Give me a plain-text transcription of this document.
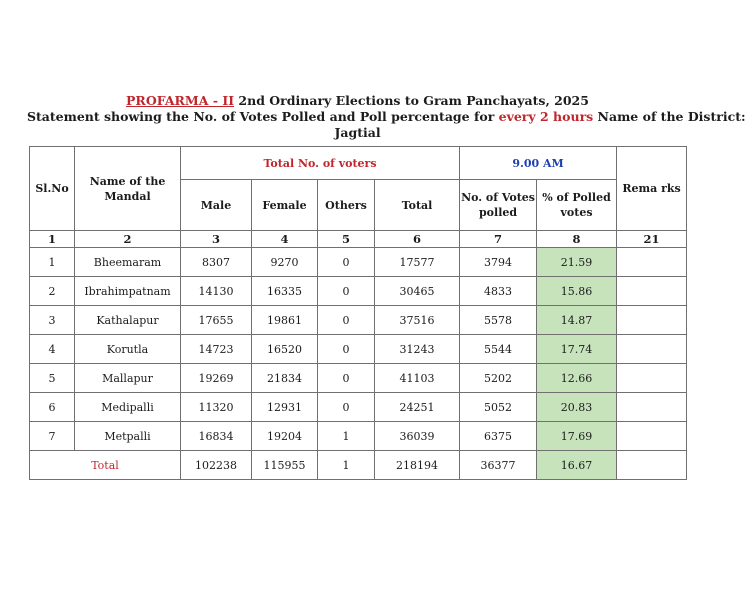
PROFARMA - II 2nd Ordinary Elections to Gram Panchayats, 2025
Statement showing the No. of Votes Polled and Poll percentage for every 2 hours Name of the District:
Jagtial
Sl.No	Name of the Mandal	Total No. of voters				9.00 AM		Rema rks
		Male	Female	Others	Total	No. of Votes polled	% of Polled votes	
1	2	3	4	5	6	7	8	21
1	Bheemaram	8307	9270	0	17577	3794	21.59	
2	Ibrahimpatnam	14130	16335	0	30465	4833	15.86	
3	Kathalapur	17655	19861	0	37516	5578	14.87	
4	Korutla	14723	16520	0	31243	5544	17.74	
5	Mallapur	19269	21834	0	41103	5202	12.66	
6	Medipalli	11320	12931	0	24251	5052	20.83	
7	Metpalli	16834	19204	1	36039	6375	17.69	
Total		102238	115955	1	218194	36377	16.67	
